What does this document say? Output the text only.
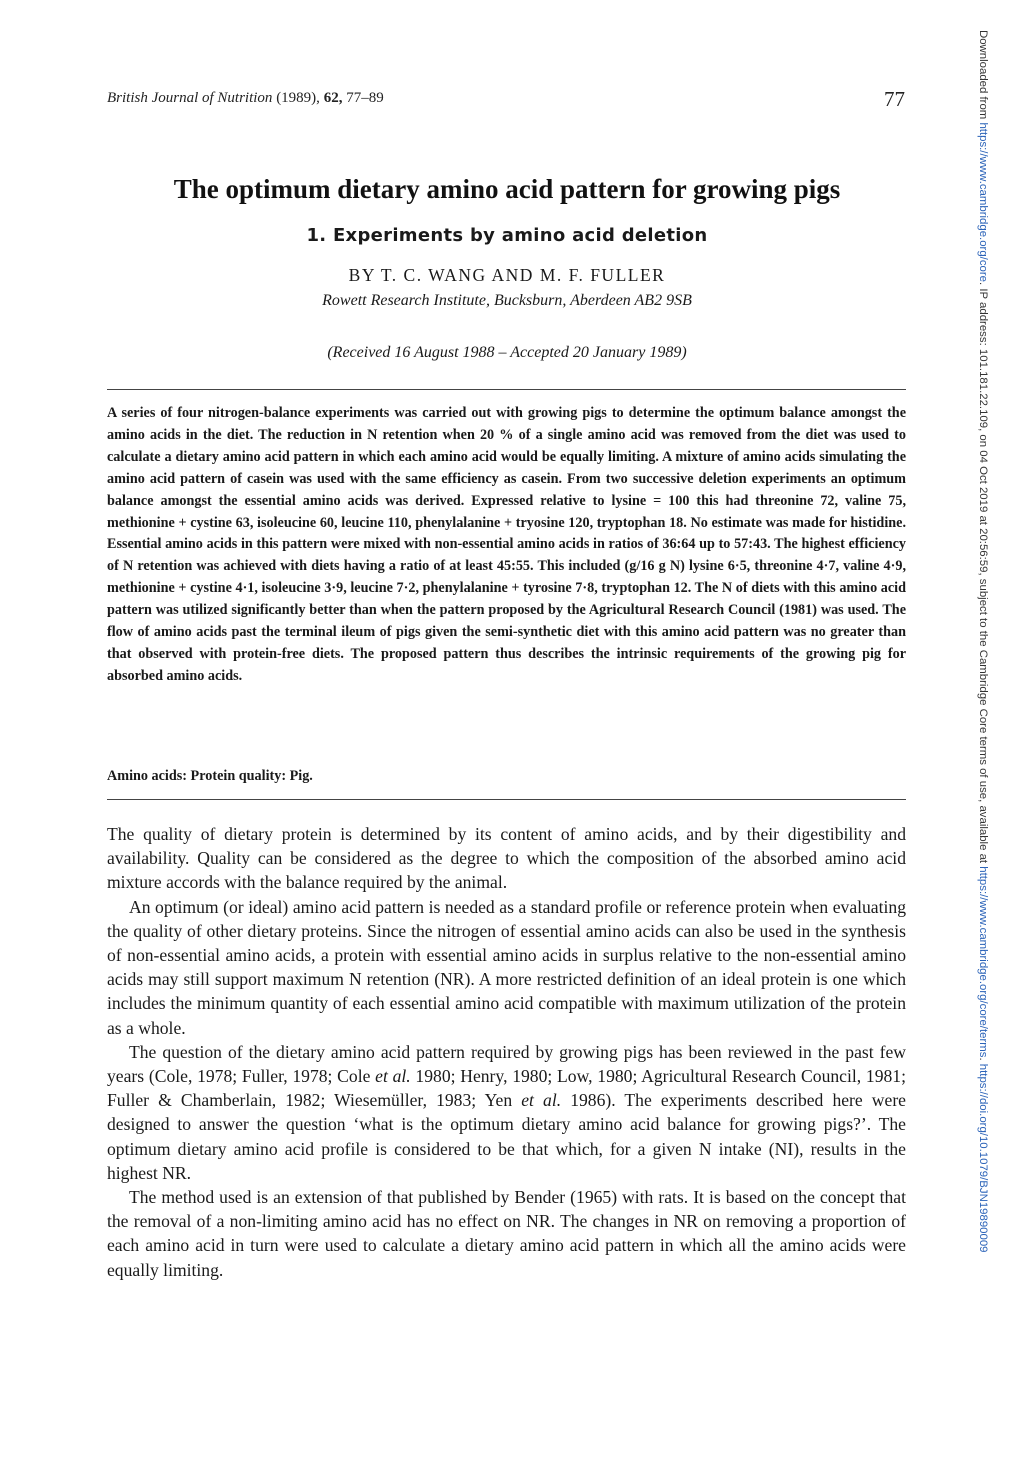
British Journal of Nutrition (1989), 62, 77–89	77
The optimum dietary amino acid pattern for growing pigs
1. Experiments by amino acid deletion
BY T. C. WANG AND M. F. FULLER
Rowett Research Institute, Bucksburn, Aberdeen AB2 9SB
(Received 16 August 1988 – Accepted 20 January 1989)

A series of four nitrogen-balance experiments was carried out with growing pigs to determine the optimum balance amongst the amino acids in the diet. The reduction in N retention when 20 % of a single amino acid was removed from the diet was used to calculate a dietary amino acid pattern in which each amino acid would be equally limiting. A mixture of amino acids simulating the amino acid pattern of casein was used with the same efficiency as casein. From two successive deletion experiments an optimum balance amongst the essential amino acids was derived. Expressed relative to lysine = 100 this had threonine 72, valine 75, methionine + cystine 63, isoleucine 60, leucine 110, phenylalanine + tryosine 120, tryptophan 18. No estimate was made for histidine. Essential amino acids in this pattern were mixed with non-essential amino acids in ratios of 36:64 up to 57:43. The highest efficiency of N retention was achieved with diets having a ratio of at least 45:55. This included (g/16 g N) lysine 6·5, threonine 4·7, valine 4·9, methionine + cystine 4·1, isoleucine 3·9, leucine 7·2, phenylalanine + tyrosine 7·8, tryptophan 12. The N of diets with this amino acid pattern was utilized significantly better than when the pattern proposed by the Agricultural Research Council (1981) was used. The flow of amino acids past the terminal ileum of pigs given the semi-synthetic diet with this amino acid pattern was no greater than that observed with protein-free diets. The proposed pattern thus describes the intrinsic requirements of the growing pig for absorbed amino acids.

Amino acids: Protein quality: Pig.

The quality of dietary protein is determined by its content of amino acids, and by their digestibility and availability. Quality can be considered as the degree to which the composition of the absorbed amino acid mixture accords with the balance required by the animal.

An optimum (or ideal) amino acid pattern is needed as a standard profile or reference protein when evaluating the quality of other dietary proteins. Since the nitrogen of essential amino acids can also be used in the synthesis of non-essential amino acids, a protein with essential amino acids in surplus relative to the non-essential amino acids may still support maximum N retention (NR). A more restricted definition of an ideal protein is one which includes the minimum quantity of each essential amino acid compatible with maximum utilization of the protein as a whole.

The question of the dietary amino acid pattern required by growing pigs has been reviewed in the past few years (Cole, 1978; Fuller, 1978; Cole et al. 1980; Henry, 1980; Low, 1980; Agricultural Research Council, 1981; Fuller & Chamberlain, 1982; Wiesemüller, 1983; Yen et al. 1986). The experiments described here were designed to answer the question ‘what is the optimum dietary amino acid balance for growing pigs?’. The optimum dietary amino acid profile is considered to be that which, for a given N intake (NI), results in the highest NR.

The method used is an extension of that published by Bender (1965) with rats. It is based on the concept that the removal of a non-limiting amino acid has no effect on NR. The changes in NR on removing a proportion of each amino acid in turn were used to calculate a dietary amino acid pattern in which all the amino acids were equally limiting.

Downloaded from https://www.cambridge.org/core. IP address: 101.181.22.109, on 04 Oct 2019 at 20:56:59, subject to the Cambridge Core terms of use, available at https://www.cambridge.org/core/terms. https://doi.org/10.1079/BJN19890009
